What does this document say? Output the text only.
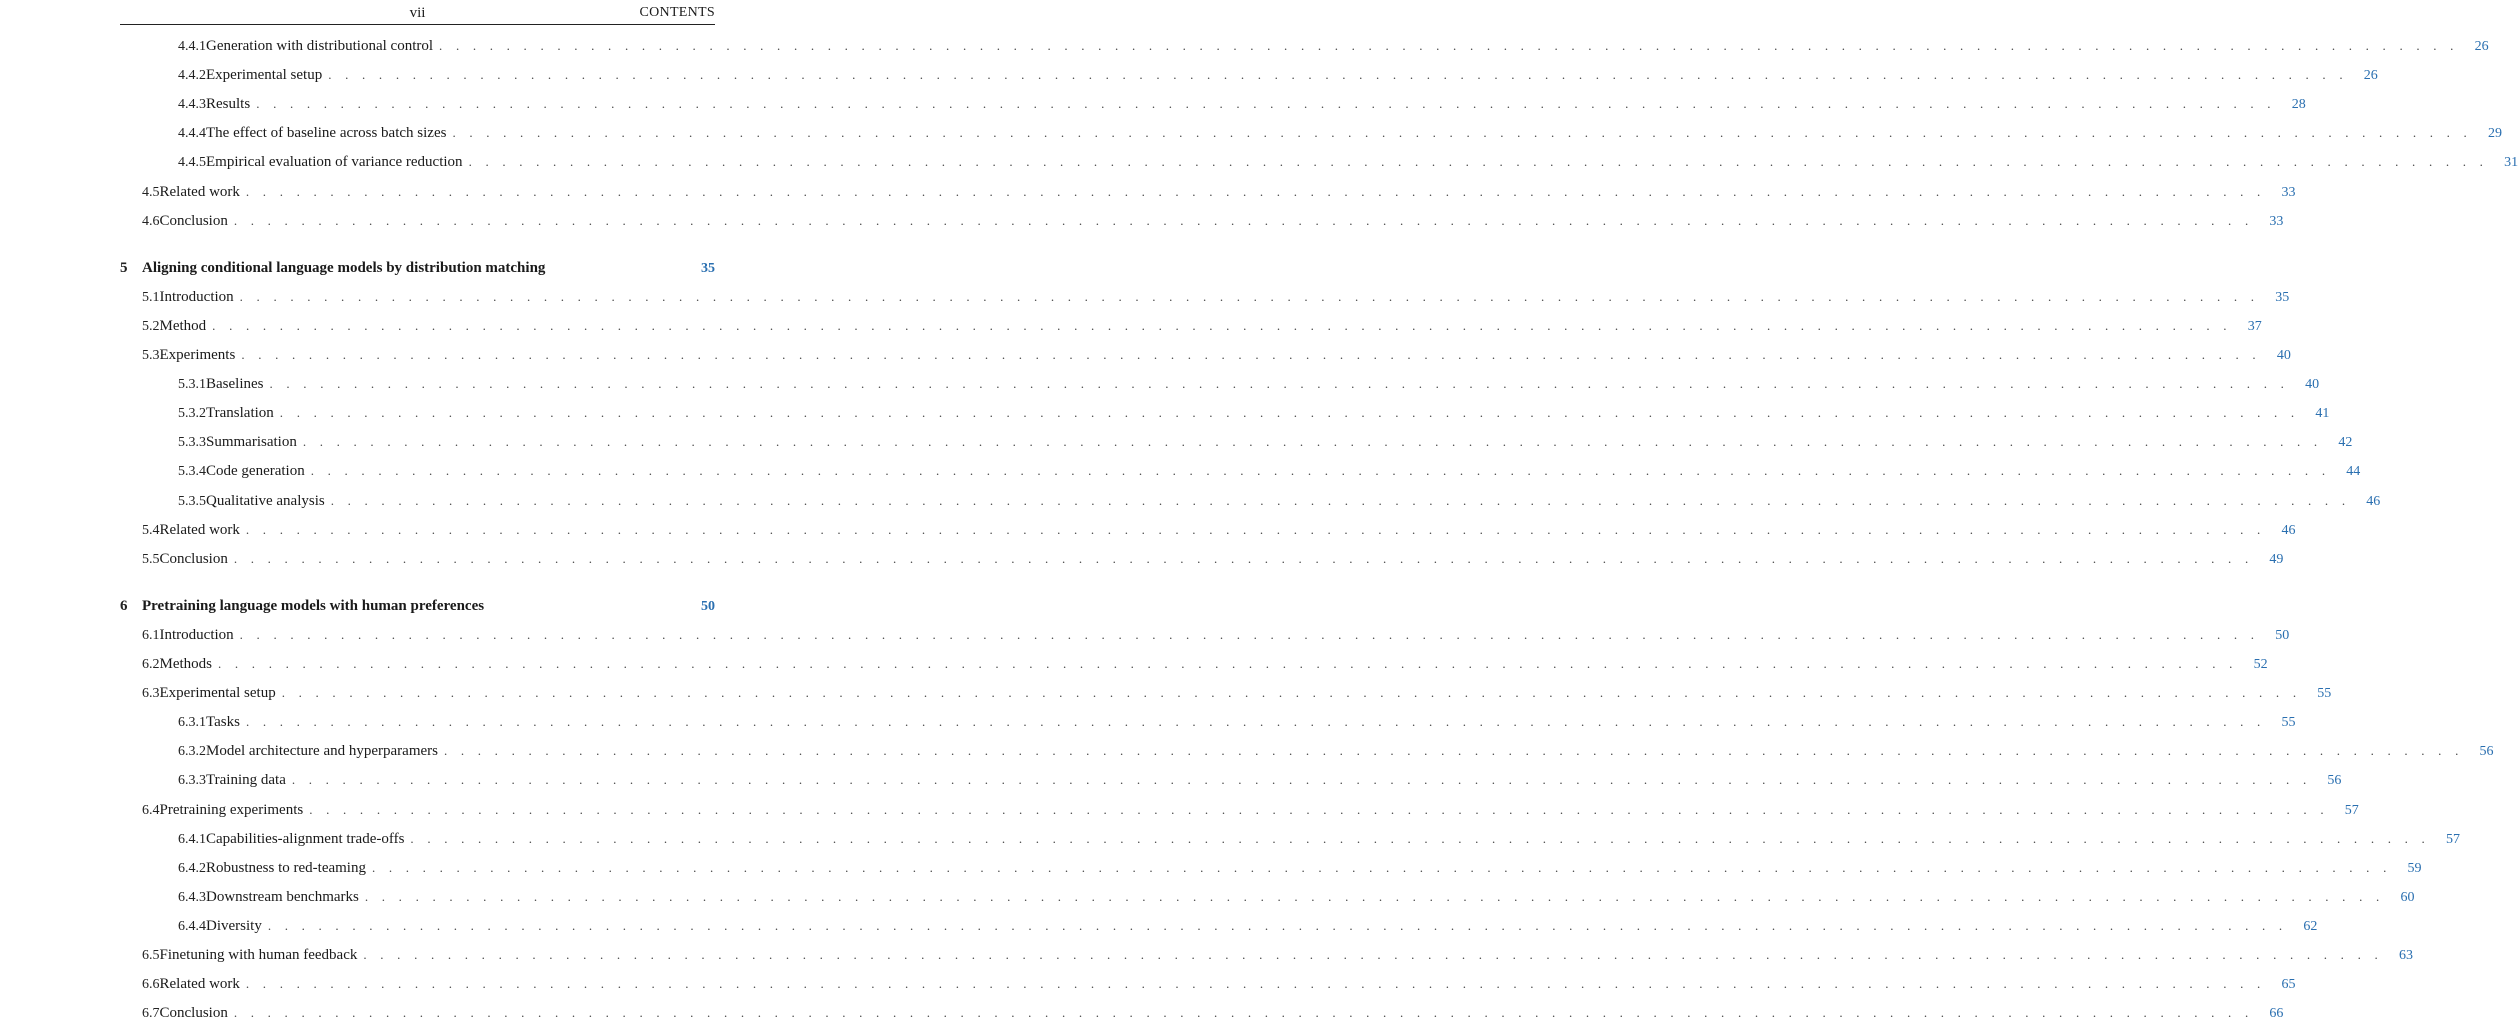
vii	CONTENTS
4.4.1 Generation with distributional control . . . . . . . . . . . . . . . . . . . . . . . . . . . . . . . . . . . . . . . . . . . . . . . . . . . . . . . . . . . . . . . . . . . . . . . . . . . . . . . . . . . . . . . . . . . . . . . . . . . . . . . . . . . . . . . . . . . . . . . .	26
4.4.2 Experimental setup . . . . . . . . . . . . . . . . . . . . . . . . . . . . . . . . . . . . . . . . . . . . . . . . . . . . . . . . . . . . . . . . . . . . . . . . . . . . . . . . . . . . . . . . . . . . . . . . . . . . . . . . . . . . . . . . . . . . . . . .	26
4.4.3 Results . . . . . . . . . . . . . . . . . . . . . . . . . . . . . . . . . . . . . . . . . . . . . . . . . . . . . . . . . . . . . . . . . . . . . . . . . . . . . . . . . . . . . . . . . . . . . . . . . . . . . . . . . . . . . . . . . . . . . . . .	28
4.4.4 The effect of baseline across batch sizes . . . . . . . . . . . . . . . . . . . . . . . . . . . . . . . . . . . . . . . . . . . . . . . . . . . . . . . . . . . . . . . . . . . . . . . . . . . . . . . . . . . . . . . . . . . . . . . . . . . . . . . . . . . . . . . . . . . . . . . .	29
4.4.5 Empirical evaluation of variance reduction . . . . . . . . . . . . . . . . . . . . . . . . . . . . . . . . . . . . . . . . . . . . . . . . . . . . . . . . . . . . . . . . . . . . . . . . . . . . . . . . . . . . . . . . . . . . . . . . . . . . . . . . . . . . . . . . . . . . . . . .	31
4.5 Related work . . . . . . . . . . . . . . . . . . . . . . . . . . . . . . . . . . . . . . . . . . . . . . . . . . . . . . . . . . . . . . . . . . . . . . . . . . . . . . . . . . . . . . . . . . . . . . . . . . . . . . . . . . . . . . . . . . . . . . . .	33
4.6 Conclusion . . . . . . . . . . . . . . . . . . . . . . . . . . . . . . . . . . . . . . . . . . . . . . . . . . . . . . . . . . . . . . . . . . . . . . . . . . . . . . . . . . . . . . . . . . . . . . . . . . . . . . . . . . . . . . . . . . . . . . . .	33
5 Aligning conditional language models by distribution matching	35
5.1 Introduction . . . . . . . . . . . . . . . . . . . . . . . . . . . . . . . . . . . . . . . . . . . . . . . . . . . . . . . . . . . . . . . . . . . . . . . . . . . . . . . . . . . . . . . . . . . . . . . . . . . . . . . . . . . . . . . . . . . . . . . .	35
5.2 Method . . . . . . . . . . . . . . . . . . . . . . . . . . . . . . . . . . . . . . . . . . . . . . . . . . . . . . . . . . . . . . . . . . . . . . . . . . . . . . . . . . . . . . . . . . . . . . . . . . . . . . . . . . . . . . . . . . . . . . . .	37
5.3 Experiments . . . . . . . . . . . . . . . . . . . . . . . . . . . . . . . . . . . . . . . . . . . . . . . . . . . . . . . . . . . . . . . . . . . . . . . . . . . . . . . . . . . . . . . . . . . . . . . . . . . . . . . . . . . . . . . . . . . . . . . .	40
5.3.1 Baselines . . . . . . . . . . . . . . . . . . . . . . . . . . . . . . . . . . . . . . . . . . . . . . . . . . . . . . . . . . . . . . . . . . . . . . . . . . . . . . . . . . . . . . . . . . . . . . . . . . . . . . . . . . . . . . . . . . . . . . . .	40
5.3.2 Translation . . . . . . . . . . . . . . . . . . . . . . . . . . . . . . . . . . . . . . . . . . . . . . . . . . . . . . . . . . . . . . . . . . . . . . . . . . . . . . . . . . . . . . . . . . . . . . . . . . . . . . . . . . . . . . . . . . . . . . . .	41
5.3.3 Summarisation . . . . . . . . . . . . . . . . . . . . . . . . . . . . . . . . . . . . . . . . . . . . . . . . . . . . . . . . . . . . . . . . . . . . . . . . . . . . . . . . . . . . . . . . . . . . . . . . . . . . . . . . . . . . . . . . . . . . . . . .	42
5.3.4 Code generation . . . . . . . . . . . . . . . . . . . . . . . . . . . . . . . . . . . . . . . . . . . . . . . . . . . . . . . . . . . . . . . . . . . . . . . . . . . . . . . . . . . . . . . . . . . . . . . . . . . . . . . . . . . . . . . . . . . . . . . .	44
5.3.5 Qualitative analysis . . . . . . . . . . . . . . . . . . . . . . . . . . . . . . . . . . . . . . . . . . . . . . . . . . . . . . . . . . . . . . . . . . . . . . . . . . . . . . . . . . . . . . . . . . . . . . . . . . . . . . . . . . . . . . . . . . . . . . . .	46
5.4 Related work . . . . . . . . . . . . . . . . . . . . . . . . . . . . . . . . . . . . . . . . . . . . . . . . . . . . . . . . . . . . . . . . . . . . . . . . . . . . . . . . . . . . . . . . . . . . . . . . . . . . . . . . . . . . . . . . . . . . . . . .	46
5.5 Conclusion . . . . . . . . . . . . . . . . . . . . . . . . . . . . . . . . . . . . . . . . . . . . . . . . . . . . . . . . . . . . . . . . . . . . . . . . . . . . . . . . . . . . . . . . . . . . . . . . . . . . . . . . . . . . . . . . . . . . . . . .	49
6 Pretraining language models with human preferences	50
6.1 Introduction . . . . . . . . . . . . . . . . . . . . . . . . . . . . . . . . . . . . . . . . . . . . . . . . . . . . . . . . . . . . . . . . . . . . . . . . . . . . . . . . . . . . . . . . . . . . . . . . . . . . . . . . . . . . . . . . . . . . . . . .	50
6.2 Methods . . . . . . . . . . . . . . . . . . . . . . . . . . . . . . . . . . . . . . . . . . . . . . . . . . . . . . . . . . . . . . . . . . . . . . . . . . . . . . . . . . . . . . . . . . . . . . . . . . . . . . . . . . . . . . . . . . . . . . . .	52
6.3 Experimental setup . . . . . . . . . . . . . . . . . . . . . . . . . . . . . . . . . . . . . . . . . . . . . . . . . . . . . . . . . . . . . . . . . . . . . . . . . . . . . . . . . . . . . . . . . . . . . . . . . . . . . . . . . . . . . . . . . . . . . . . .	55
6.3.1 Tasks . . . . . . . . . . . . . . . . . . . . . . . . . . . . . . . . . . . . . . . . . . . . . . . . . . . . . . . . . . . . . . . . . . . . . . . . . . . . . . . . . . . . . . . . . . . . . . . . . . . . . . . . . . . . . . . . . . . . . . . .	55
6.3.2 Model architecture and hyperparamers . . . . . . . . . . . . . . . . . . . . . . . . . . . . . . . . . . . . . . . . . . . . . . . . . . . . . . . . . . . . . . . . . . . . . . . . . . . . . . . . . . . . . . . . . . . . . . . . . . . . . . . . . . . . . . . . . . . . . . . .	56
6.3.3 Training data . . . . . . . . . . . . . . . . . . . . . . . . . . . . . . . . . . . . . . . . . . . . . . . . . . . . . . . . . . . . . . . . . . . . . . . . . . . . . . . . . . . . . . . . . . . . . . . . . . . . . . . . . . . . . . . . . . . . . . . .	56
6.4 Pretraining experiments . . . . . . . . . . . . . . . . . . . . . . . . . . . . . . . . . . . . . . . . . . . . . . . . . . . . . . . . . . . . . . . . . . . . . . . . . . . . . . . . . . . . . . . . . . . . . . . . . . . . . . . . . . . . . . . . . . . . . . . .	57
6.4.1 Capabilities-alignment trade-offs . . . . . . . . . . . . . . . . . . . . . . . . . . . . . . . . . . . . . . . . . . . . . . . . . . . . . . . . . . . . . . . . . . . . . . . . . . . . . . . . . . . . . . . . . . . . . . . . . . . . . . . . . . . . . . . . . . . . . . . .	57
6.4.2 Robustness to red-teaming . . . . . . . . . . . . . . . . . . . . . . . . . . . . . . . . . . . . . . . . . . . . . . . . . . . . . . . . . . . . . . . . . . . . . . . . . . . . . . . . . . . . . . . . . . . . . . . . . . . . . . . . . . . . . . . . . . . . . . . .	59
6.4.3 Downstream benchmarks . . . . . . . . . . . . . . . . . . . . . . . . . . . . . . . . . . . . . . . . . . . . . . . . . . . . . . . . . . . . . . . . . . . . . . . . . . . . . . . . . . . . . . . . . . . . . . . . . . . . . . . . . . . . . . . . . . . . . . . .	60
6.4.4 Diversity . . . . . . . . . . . . . . . . . . . . . . . . . . . . . . . . . . . . . . . . . . . . . . . . . . . . . . . . . . . . . . . . . . . . . . . . . . . . . . . . . . . . . . . . . . . . . . . . . . . . . . . . . . . . . . . . . . . . . . . .	62
6.5 Finetuning with human feedback . . . . . . . . . . . . . . . . . . . . . . . . . . . . . . . . . . . . . . . . . . . . . . . . . . . . . . . . . . . . . . . . . . . . . . . . . . . . . . . . . . . . . . . . . . . . . . . . . . . . . . . . . . . . . . . . . . . . . . . .	63
6.6 Related work . . . . . . . . . . . . . . . . . . . . . . . . . . . . . . . . . . . . . . . . . . . . . . . . . . . . . . . . . . . . . . . . . . . . . . . . . . . . . . . . . . . . . . . . . . . . . . . . . . . . . . . . . . . . . . . . . . . . . . . .	65
6.7 Conclusion . . . . . . . . . . . . . . . . . . . . . . . . . . . . . . . . . . . . . . . . . . . . . . . . . . . . . . . . . . . . . . . . . . . . . . . . . . . . . . . . . . . . . . . . . . . . . . . . . . . . . . . . . . . . . . . . . . . . . . . .	66
